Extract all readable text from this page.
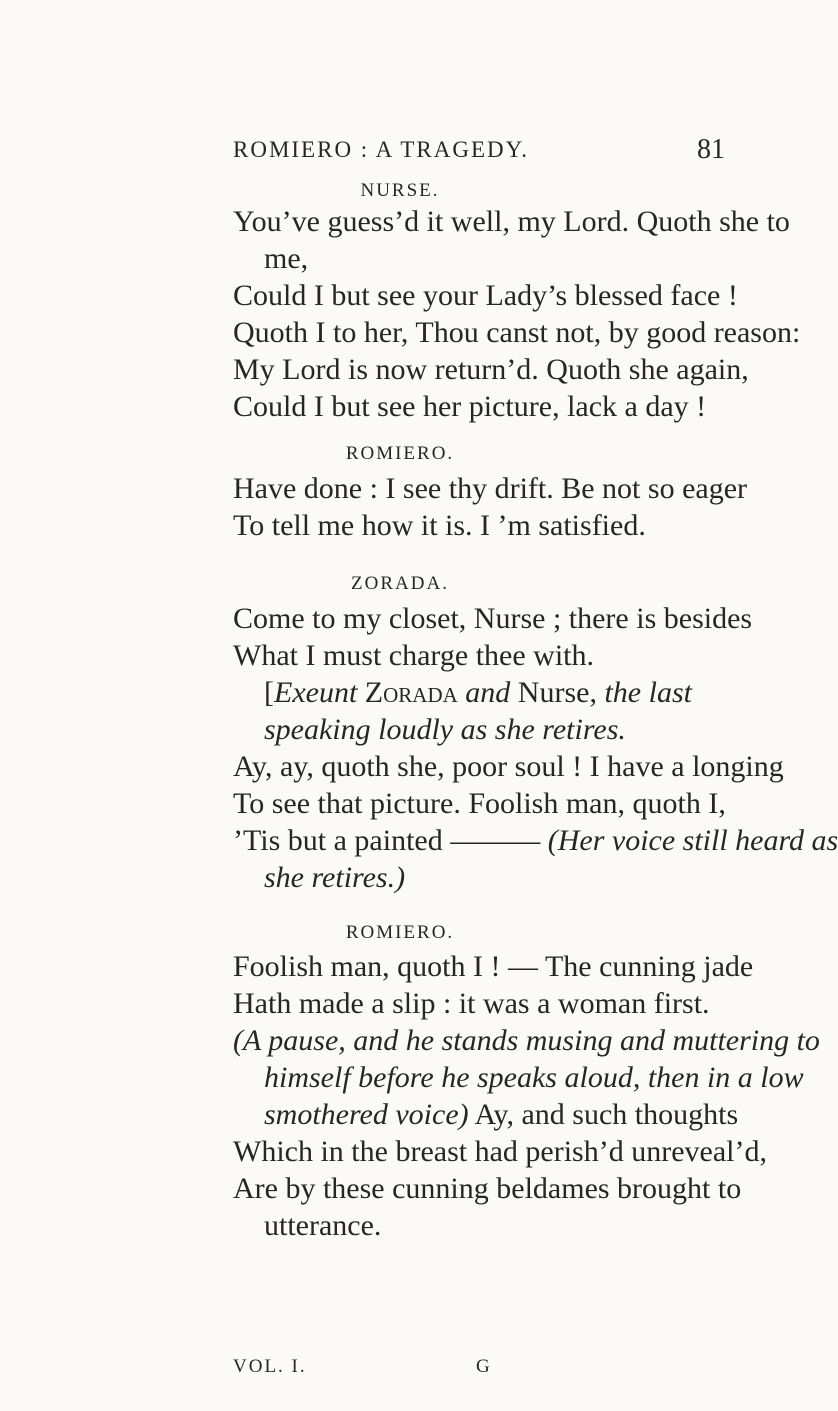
ROMIERO : A TRAGEDY.	81
NURSE.
You’ve guess’d it well, my Lord. Quoth she to
me,
Could I but see your Lady’s blessed face !
Quoth I to her, Thou canst not, by good reason:
My Lord is now return’d. Quoth she again,
Could I but see her picture, lack a day !
ROMIERO.
Have done : I see thy drift. Be not so eager
To tell me how it is. I ’m satisfied.
ZORADA.
Come to my closet, Nurse ; there is besides
What I must charge thee with.
[Exeunt Zorada and Nurse, the last
speaking loudly as she retires.
Ay, ay, quoth she, poor soul ! I have a longing
To see that picture. Foolish man, quoth I,
’Tis but a painted ——— (Her voice still heard as
she retires.)
ROMIERO.
Foolish man, quoth I ! — The cunning jade
Hath made a slip : it was a woman first.
(A pause, and he stands musing and muttering to
himself before he speaks aloud, then in a low
smothered voice) Ay, and such thoughts
Which in the breast had perish’d unreveal’d,
Are by these cunning beldames brought to
utterance.
VOL. I.	G
